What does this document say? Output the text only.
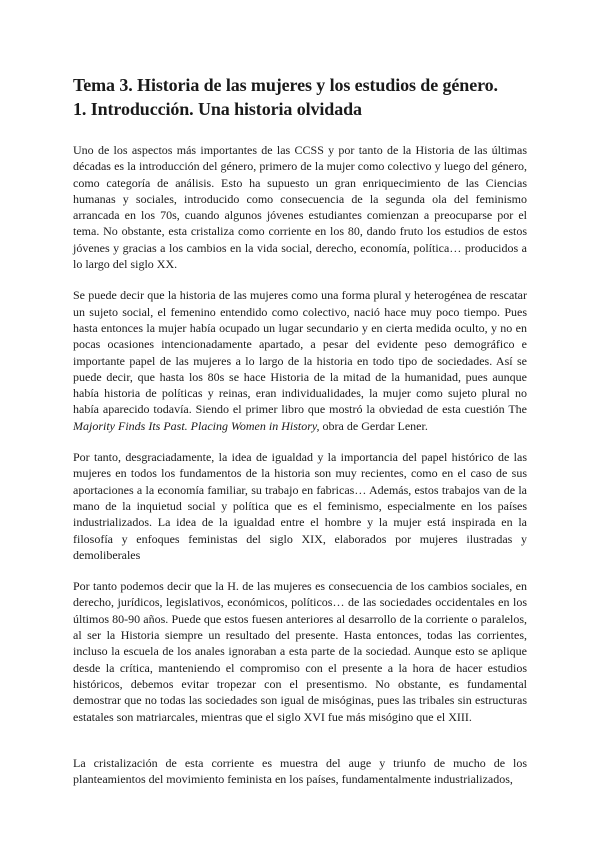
Tema 3. Historia de las mujeres y los estudios de género.
1. Introducción. Una historia olvidada

Uno de los aspectos más importantes de las CCSS y por tanto de la Historia de las últimas décadas es la introducción del género, primero de la mujer como colectivo y luego del género, como categoría de análisis. Esto ha supuesto un gran enriquecimiento de las Ciencias humanas y sociales, introducido como consecuencia de la segunda ola del feminismo arrancada en los 70s, cuando algunos jóvenes estudiantes comienzan a preocuparse por el tema. No obstante, esta cristaliza como corriente en los 80, dando fruto los estudios de estos jóvenes y gracias a los cambios en la vida social, derecho, economía, política… producidos a lo largo del siglo XX.

Se puede decir que la historia de las mujeres como una forma plural y heterogénea de rescatar un sujeto social, el femenino entendido como colectivo, nació hace muy poco tiempo. Pues hasta entonces la mujer había ocupado un lugar secundario y en cierta medida oculto, y no en pocas ocasiones intencionadamente apartado, a pesar del evidente peso demográfico e importante papel de las mujeres a lo largo de la historia en todo tipo de sociedades. Así se puede decir, que hasta los 80s se hace Historia de la mitad de la humanidad, pues aunque había historia de políticas y reinas, eran individualidades, la mujer como sujeto plural no había aparecido todavía. Siendo el primer libro que mostró la obviedad de esta cuestión The Majority Finds Its Past. Placing Women in History, obra de Gerdar Lener.

Por tanto, desgraciadamente, la idea de igualdad y la importancia del papel histórico de las mujeres en todos los fundamentos de la historia son muy recientes, como en el caso de sus aportaciones a la economía familiar, su trabajo en fabricas… Además, estos trabajos van de la mano de la inquietud social y política que es el feminismo, especialmente en los países industrializados. La idea de la igualdad entre el hombre y la mujer está inspirada en la filosofía y enfoques feministas del siglo XIX, elaborados por mujeres ilustradas y demoliberales

Por tanto podemos decir que la H. de las mujeres es consecuencia de los cambios sociales, en derecho, jurídicos, legislativos, económicos, políticos… de las sociedades occidentales en los últimos 80-90 años. Puede que estos fuesen anteriores al desarrollo de la corriente o paralelos, al ser la Historia siempre un resultado del presente. Hasta entonces, todas las corrientes, incluso la escuela de los anales ignoraban a esta parte de la sociedad. Aunque esto se aplique desde la crítica, manteniendo el compromiso con el presente a la hora de hacer estudios históricos, debemos evitar tropezar con el presentismo. No obstante, es fundamental demostrar que no todas las sociedades son igual de misóginas, pues las tribales sin estructuras estatales son matriarcales, mientras que el siglo XVI fue más misógino que el XIII.

La cristalización de esta corriente es muestra del auge y triunfo de mucho de los planteamientos del movimiento feminista en los países, fundamentalmente industrializados,
